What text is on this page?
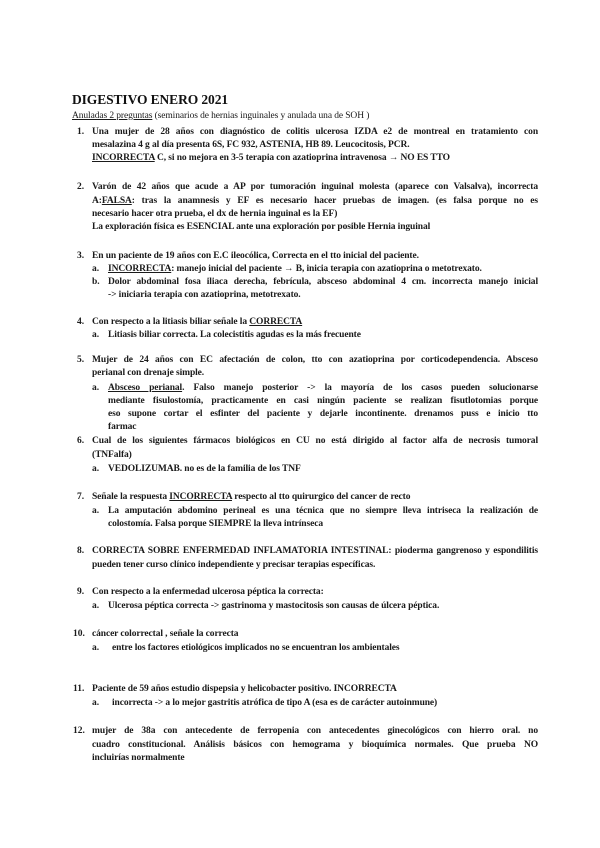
DIGESTIVO ENERO 2021
Anuladas 2 preguntas (seminarios de hernias inguinales y anulada una de SOH )
Una mujer de 28 años con diagnóstico de colitis ulcerosa IZDA e2 de montreal en tratamiento con
1.
mesalazina 4 g al día presenta 6S, FC 932, ASTENIA, HB 89. Leucocitosis, PCR.
INCORRECTA C, si no mejora en 3-5 terapia con azatioprina intravenosa → NO ES TTO
Varón de 42 años que acude a AP por tumoración inguinal molesta (aparece con Valsalva), incorrecta
2.
A:FALSA: tras la anamnesis y EF es necesario hacer pruebas de imagen. (es falsa porque no es
necesario hacer otra prueba, el dx de hernia inguinal es la EF)
La exploración física es ESENCIAL ante una exploración por posible Hernia inguinal
En un paciente de 19 años con E.C ileocólica, Correcta en el tto inicial del paciente.
3.
INCORRECTA: manejo inicial del paciente → B, inicia terapia con azatioprina o metotrexato.
a.
Dolor abdominal fosa iliaca derecha, febrícula, absceso abdominal 4 cm. incorrecta manejo inicial
b.
-> iniciaria terapia con azatioprina, metotrexato.
Con respecto a la litiasis biliar señale la CORRECTA
4.
Litiasis biliar correcta. La colecistitis agudas es la más frecuente
a.
Mujer de 24 años con EC afectación de colon, tto con azatioprina por corticodependencia. Absceso
5.
perianal con drenaje simple.
Absceso perianal. Falso manejo posterior -> la mayoría de los casos pueden solucionarse
a.
mediante fisulostomía, practicamente en casi ningún paciente se realizan fisutlotomias porque
eso supone cortar el esfinter del paciente y dejarle incontinente. drenamos puss e inicio tto
farmac
Cual de los siguientes fármacos biológicos en CU no está dirigido al factor alfa de necrosis tumoral
6.
(TNFalfa)
VEDOLIZUMAB. no es de la familia de los TNF
a.
Señale la respuesta INCORRECTA respecto al tto quirurgico del cancer de recto
7.
La amputación abdomino perineal es una técnica que no siempre lleva intriseca la realización de
a.
colostomía. Falsa porque SIEMPRE la lleva intrínseca
CORRECTA SOBRE ENFERMEDAD INFLAMATORIA INTESTINAL: pioderma gangrenoso y espondilitis
8.
pueden tener curso clínico independiente y precisar terapias específicas.
Con respecto a la enfermedad ulcerosa péptica la correcta:
9.
Ulcerosa péptica correcta -> gastrinoma y mastocitosis son causas de úlcera péptica.
a.
cáncer colorrectal , señale la correcta
10.
entre los factores etiológicos implicados no se encuentran los ambientales
a.
Paciente de 59 años estudio dispepsia y helicobacter positivo. INCORRECTA
11.
incorrecta -> a lo mejor gastritis atrófica de tipo A (esa es de carácter autoinmune)
a.
mujer de 38a con antecedente de ferropenia con antecedentes ginecológicos con hierro oral. no
12.
cuadro constitucional. Análisis básicos con hemograma y bioquímica normales. Que prueba NO
incluirías normalmente
